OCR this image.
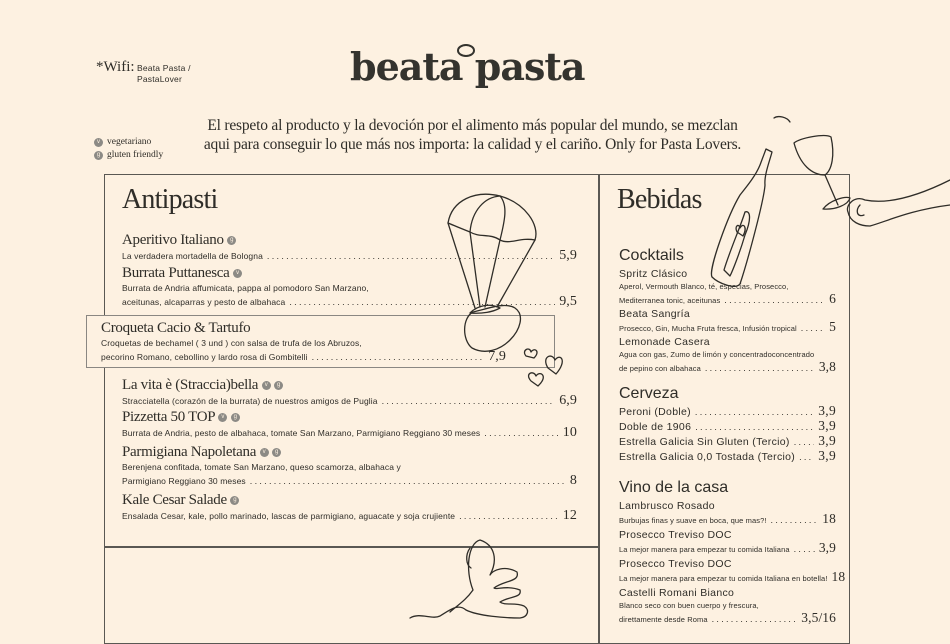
*Wifi: Beata Pasta /
PastaLover	beata pasta
v vegetariano
g gluten friendly
El respeto al producto y la devoción por el alimento más popular del mundo, se mezclan
aqui para conseguir lo que más nos importa: la calidad y el cariño. Only for Pasta Lovers.
Antipasti
Aperitivo Italiano g
La verdadera mortadella de Bologna .....	5,9
Burrata Puttanesca v
Burrata de Andria affumicata, pappa al pomodoro San Marzano,
aceitunas, alcaparras y pesto de albahaca .....	9,5
Croqueta Cacio & Tartufo
Croquetas de bechamel ( 3 und ) con salsa de trufa de los Abruzos,
pecorino Romano, cebollino y lardo rosa di Gombitelli .....	7,9
La vita è (Straccia)bella v g
Stracciatella (corazón de la burrata) de nuestros amigos de Puglia .....	6,9
Pizzetta 50 TOP v g
Burrata de Andria, pesto de albahaca, tomate San Marzano, Parmigiano Reggiano 30 meses .....	10
Parmigiana Napoletana v g
Berenjena confitada, tomate San Marzano, queso scamorza, albahaca y
Parmigiano Reggiano 30 meses .....	8
Kale Cesar Salade g
Ensalada Cesar, kale, pollo marinado, lascas de parmigiano, aguacate y soja crujiente .....	12
Bebidas
Cocktails
Spritz Clásico
Aperol, Vermouth Blanco, té, especias, Prosecco,
Mediterranea tonic, aceitunas .....	6
Beata Sangría
Prosecco, Gin, Mucha Fruta fresca, Infusión tropical ..... 5
Lemonade Casera
Agua con gas, Zumo de limón y concentradoconcentrado
de pepino con albahaca .....	3,8
Cerveza
Peroni (Doble) .....	3,9
Doble de 1906 .....	3,9
Estrella Galicia Sin Gluten (Tercio) ..... 3,9
Estrella Galicia 0,0 Tostada (Tercio) ..... 3,9
Vino de la casa
Lambrusco Rosado
Burbujas finas y suave en boca, que mas?! .....	18
Prosecco Treviso DOC
La mejor manera para empezar tu comida Italiana ..... 3,9
Prosecco Treviso DOC
La mejor manera para empezar tu comida Italiana en botella! 18
Castelli Romani Bianco
Blanco seco con buen cuerpo y frescura,
direttamente desde Roma .....	3,5/16
